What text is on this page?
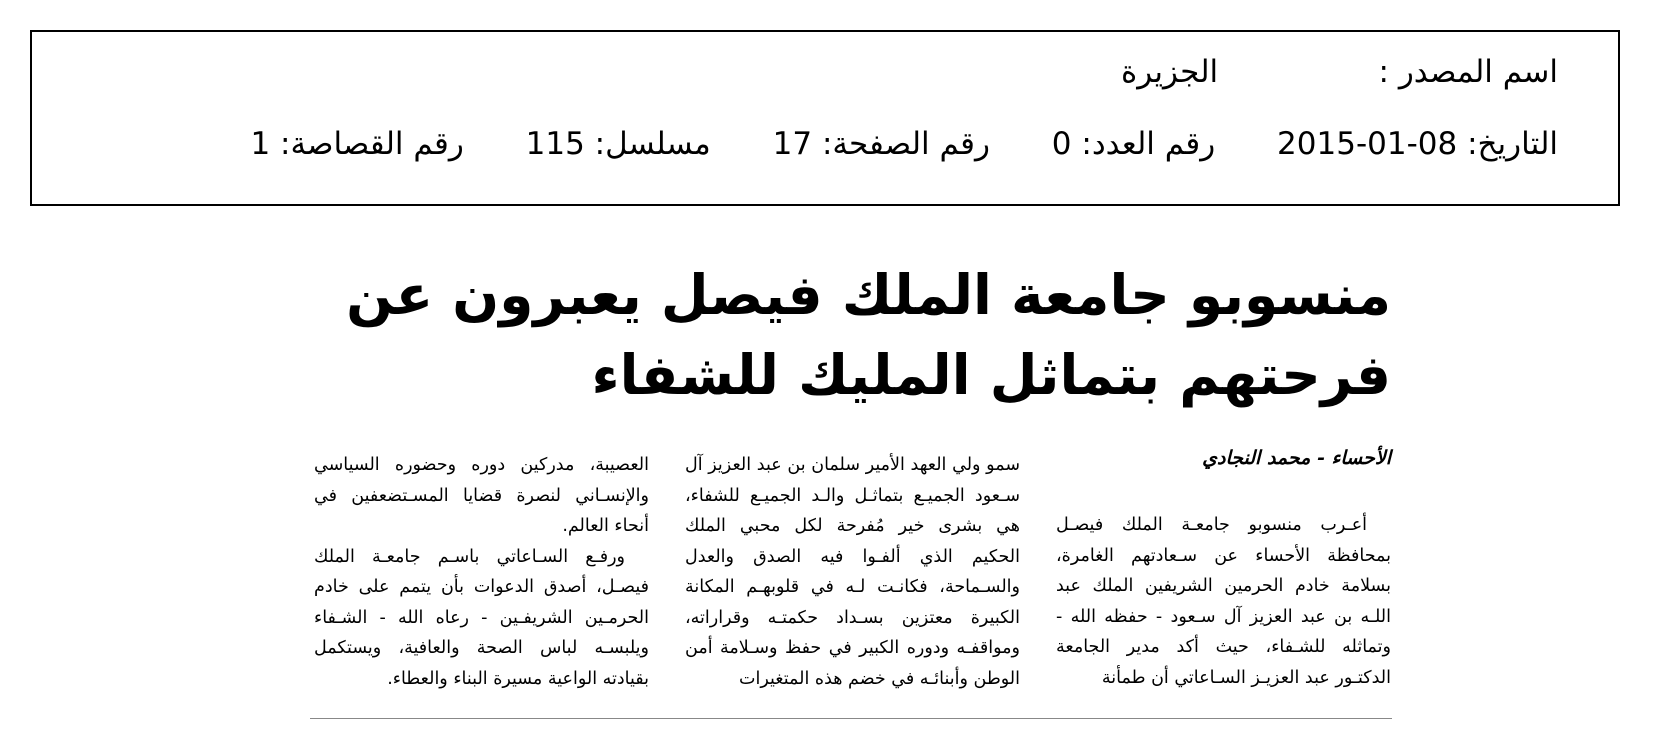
اسم المصدر : الجزيرة
التاريخ: 08-01-2015 رقم العدد: 0 رقم الصفحة: 17 مسلسل: 115 رقم القصاصة: 1
منسوبو جامعة الملك فيصل يعبرون عن فرحتهم بتماثل المليك للشفاء
الأحساء - محمد النجادي

أعـرب منسوبو جامعـة الملك فيصـل بمحافظة الأحساء عن سـعادتهم الغامرة، بسلامة خادم الحرمين الشريفين الملك عبد اللـه بن عبد العزيز آل سـعود - حفظه الله - وتماثله للشـفاء، حيث أكد مدير الجامعة الدكتـور عبد العزيـز السـاعاتي أن طمأنة

سمو ولي العهد الأمير سلمان بن عبد العزيز آل سـعود الجميـع بتماثـل والـد الجميـع للشفاء، هي بشرى خير مُفرحة لكل محبي الملك الحكيم الذي ألفـوا فيه الصدق والعدل والسـماحة، فكانـت لـه في قلوبهـم المكانة الكبيرة معتزين بسـداد حكمتـه وقراراته، ومواقفـه ودوره الكبير في حفظ وسـلامة أمن الوطن وأبنائـه في خضم هذه المتغيرات

العصيبة، مدركين دوره وحضوره السياسي والإنسـاني لنصرة قضايا المسـتضعفين في أنحاء العالم.

ورفـع السـاعاتي باسـم جامعـة الملك فيصـل، أصدق الدعوات بأن يتمم على خادم الحرمـين الشريفـين - رعاه الله - الشـفاء ويلبسـه لباس الصحة والعافية، ويستكمل بقيادته الواعية مسيرة البناء والعطاء.
